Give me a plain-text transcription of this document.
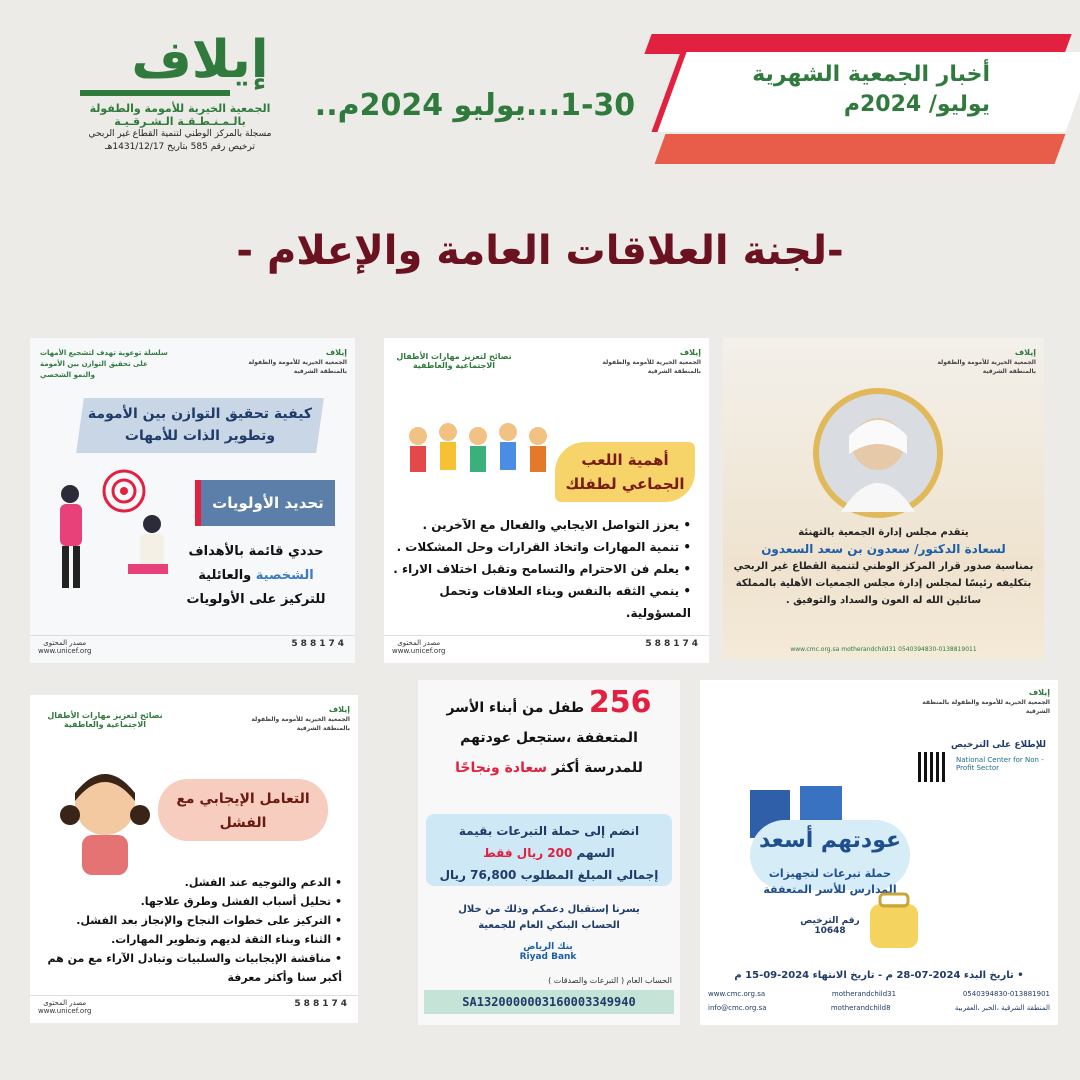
إيلاف
الجمعية الخيرية للأمومة والطفولة
بالـمـنـطـقـة الـشـرقـيـة
مسجلة بالمركز الوطني لتنمية القطاع غير الربحي
ترخيص رقم 585 بتاريخ 1431/12/17هـ
1-30...يوليو 2024م..
أخبار الجمعية الشهرية
يوليو/ 2024م
-لجنة العلاقات العامة والإعلام -
سلسلة توعوية تهدف لتشجيع الأمهات على تحقيق التوازن بين الأمومة والنمو الشخصي
إيلاف
الجمعية الخيرية للأمومة والطفولة بالمنطقة الشرقية
كيفية تحقيق التوازن بين الأمومة وتطوير الذات للأمهات
تحديد الأولويات
حددي قائمة بالأهداف
الشخصية والعائلية
للتركيز على الأولويات
588174
مصدر المحتوى
www.unicef.org
نصائح لتعزيز مهارات الأطفال الاجتماعية والعاطفية
إيلاف
الجمعية الخيرية للأمومة والطفولة بالمنطقة الشرقية
أهمية اللعب الجماعي لطفلك
• يعزز التواصل الايجابي والفعال مع الآخرين .
• تنمية المهارات واتخاذ القرارات وحل المشكلات .
• يعلم فن الاحترام والتسامح وتقبل اختلاف الاراء .
• ينمي الثقه بالنفس وبناء العلاقات وتحمل المسؤولية.
588174
مصدر المحتوى
www.unicef.org
إيلاف
الجمعية الخيرية للأمومة والطفولة بالمنطقة الشرقية
يتقدم مجلس إدارة الجمعية بالتهنئة
لسعادة الدكتور/ سعدون بن سعد السعدون
بمناسبة صدور قرار المركز الوطني لتنمية القطاع غير الربحي
بتكليفه رئيسًا لمجلس إدارة مجلس الجمعيات الأهلية بالمملكة
سائلين الله له العون والسداد والتوفيق .
www.cmc.org.sa motherandchild31 0540394830-0138819011
نصائح لتعزيز مهارات الأطفال الاجتماعية والعاطفية
إيلاف
الجمعية الخيرية للأمومة والطفولة بالمنطقة الشرقية
التعامل الإيجابي مع الفشل
• الدعم والتوجيه عند الفشل.
• تحليل أسباب الفشل وطرق علاجها.
• التركيز على خطوات النجاح والإنجاز بعد الفشل.
• الثناء وبناء الثقة لديهم وتطوير المهارات.
• مناقشة الإيجابيات والسلبيات وتبادل الآراء مع من هم أكبر سنا وأكثر معرفة
588174
مصدر المحتوى
www.unicef.org
256 طفل من أبناء الأسر
المتعففة ،ستجعل عودتهم
للمدرسة أكثر سعادة ونجاحًا
انضم إلى حملة التبرعات بقيمة
السهم 200 ريال فقط
إجمالي المبلغ المطلوب 76,800 ريال
يسرنا إستقبال دعمكم وذلك من خلال
الحساب البنكي العام للجمعية
بنك الرياض
Riyad Bank
الحساب العام ( التبرعات والصدقات )
SA1320000003160003349940
إيلاف
الجمعية الخيرية للأمومة والطفولة بالمنطقة الشرقية
للإطلاع على الترخيص
National Center for Non - Profit Sector
عودتهم أسعد
حملة تبرعات لتجهيزات
المدارس للأسر المتعففة
رقم الترخيص
10648
• تاريخ البدء 2024-07-28 م - تاريخ الانتهاء 2024-09-15 م
www.cmc.org.sa	motherandchild31	0540394830-013881901
info@cmc.org.sa	motherandchild8	المنطقة الشرقية ،الخبر ،العقربية
